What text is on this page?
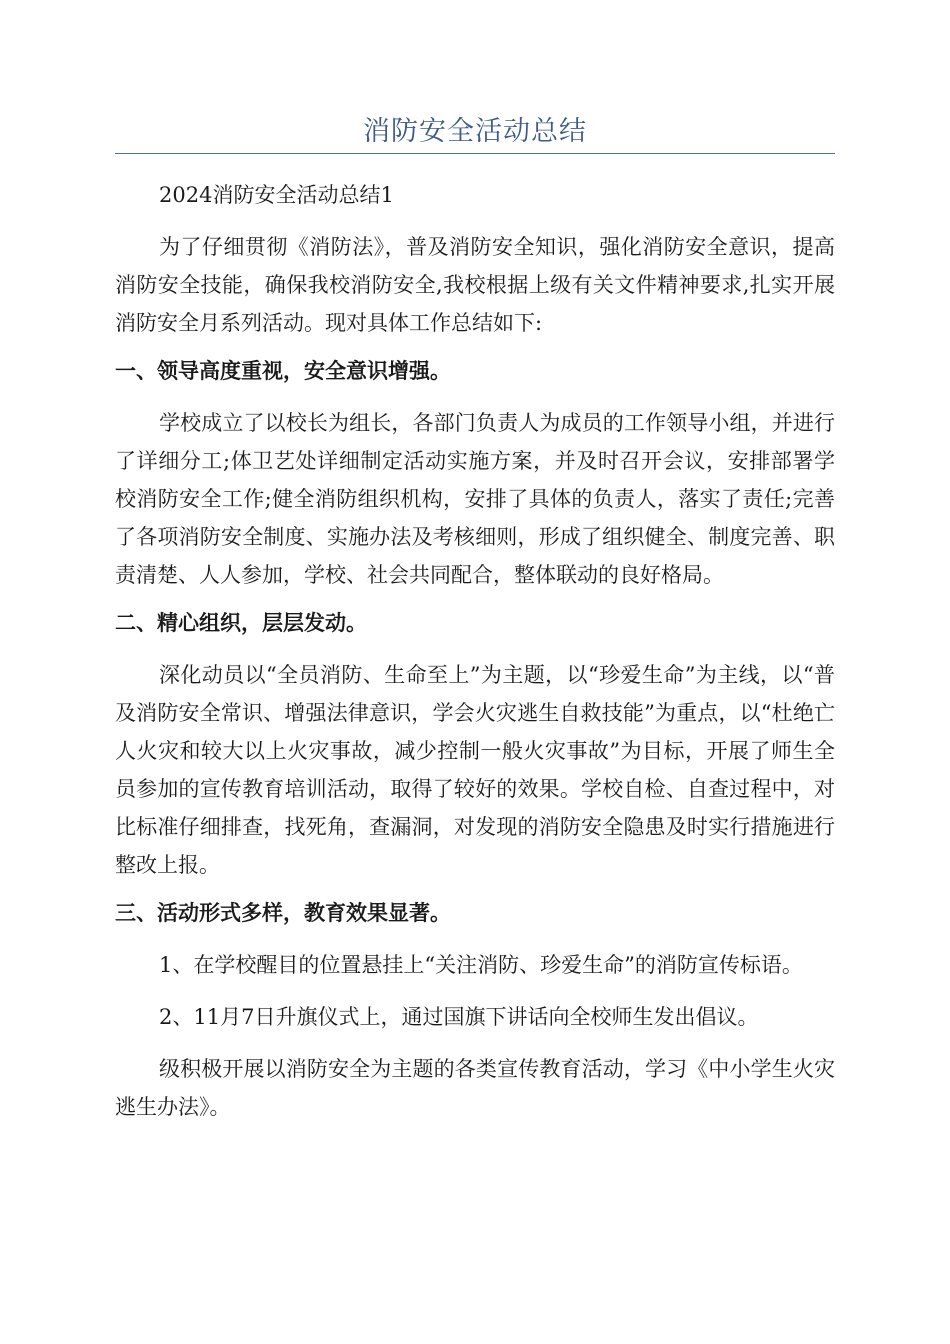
消防安全活动总结

2024消防安全活动总结1

为了仔细贯彻《消防法》，普及消防安全知识，强化消防安全意识，提高消防安全技能，确保我校消防安全,我校根据上级有关文件精神要求,扎实开展消防安全月系列活动。现对具体工作总结如下:

一、领导高度重视，安全意识增强。

学校成立了以校长为组长，各部门负责人为成员的工作领导小组，并进行了详细分工;体卫艺处详细制定活动实施方案，并及时召开会议，安排部署学校消防安全工作;健全消防组织机构，安排了具体的负责人，落实了责任;完善了各项消防安全制度、实施办法及考核细则，形成了组织健全、制度完善、职责清楚、人人参加，学校、社会共同配合，整体联动的良好格局。

二、精心组织，层层发动。

深化动员以“全员消防、生命至上”为主题，以“珍爱生命”为主线，以“普及消防安全常识、增强法律意识，学会火灾逃生自救技能”为重点，以“杜绝亡人火灾和较大以上火灾事故，减少控制一般火灾事故”为目标，开展了师生全员参加的宣传教育培训活动，取得了较好的效果。学校自检、自查过程中，对比标准仔细排查，找死角，查漏洞，对发现的消防安全隐患及时实行措施进行整改上报。

三、活动形式多样，教育效果显著。

1、在学校醒目的位置悬挂上“关注消防、珍爱生命”的消防宣传标语。

2、11月7日升旗仪式上，通过国旗下讲话向全校师生发出倡议。

级积极开展以消防安全为主题的各类宣传教育活动，学习《中小学生火灾逃生办法》。
